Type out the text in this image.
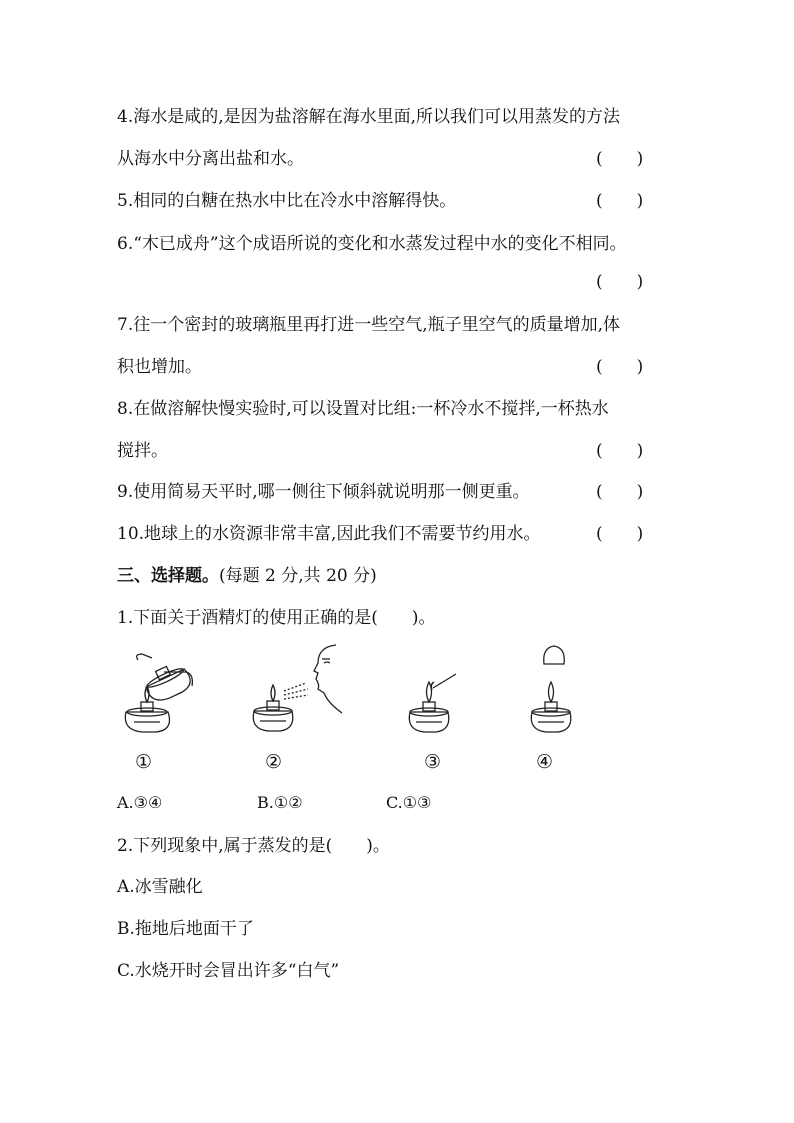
4.海水是咸的,是因为盐溶解在海水里面,所以我们可以用蒸发的方法
从海水中分离出盐和水。	(　　)
5.相同的白糖在热水中比在冷水中溶解得快。	(　　)
6.“木已成舟”这个成语所说的变化和水蒸发过程中水的变化不相同。
(　　)
7.往一个密封的玻璃瓶里再打进一些空气,瓶子里空气的质量增加,体
积也增加。	(　　)
8.在做溶解快慢实验时,可以设置对比组:一杯冷水不搅拌,一杯热水
搅拌。	(　　)
9.使用简易天平时,哪一侧往下倾斜就说明那一侧更重。	(　　)
10.地球上的水资源非常丰富,因此我们不需要节约用水。	(　　)
三、选择题。(每题 2 分,共 20 分)
1.下面关于酒精灯的使用正确的是(　　)。
①	②	③	④
A.③④	B.①②	C.①③
2.下列现象中,属于蒸发的是(　　)。
A.冰雪融化
B.拖地后地面干了
C.水烧开时会冒出许多“白气”
